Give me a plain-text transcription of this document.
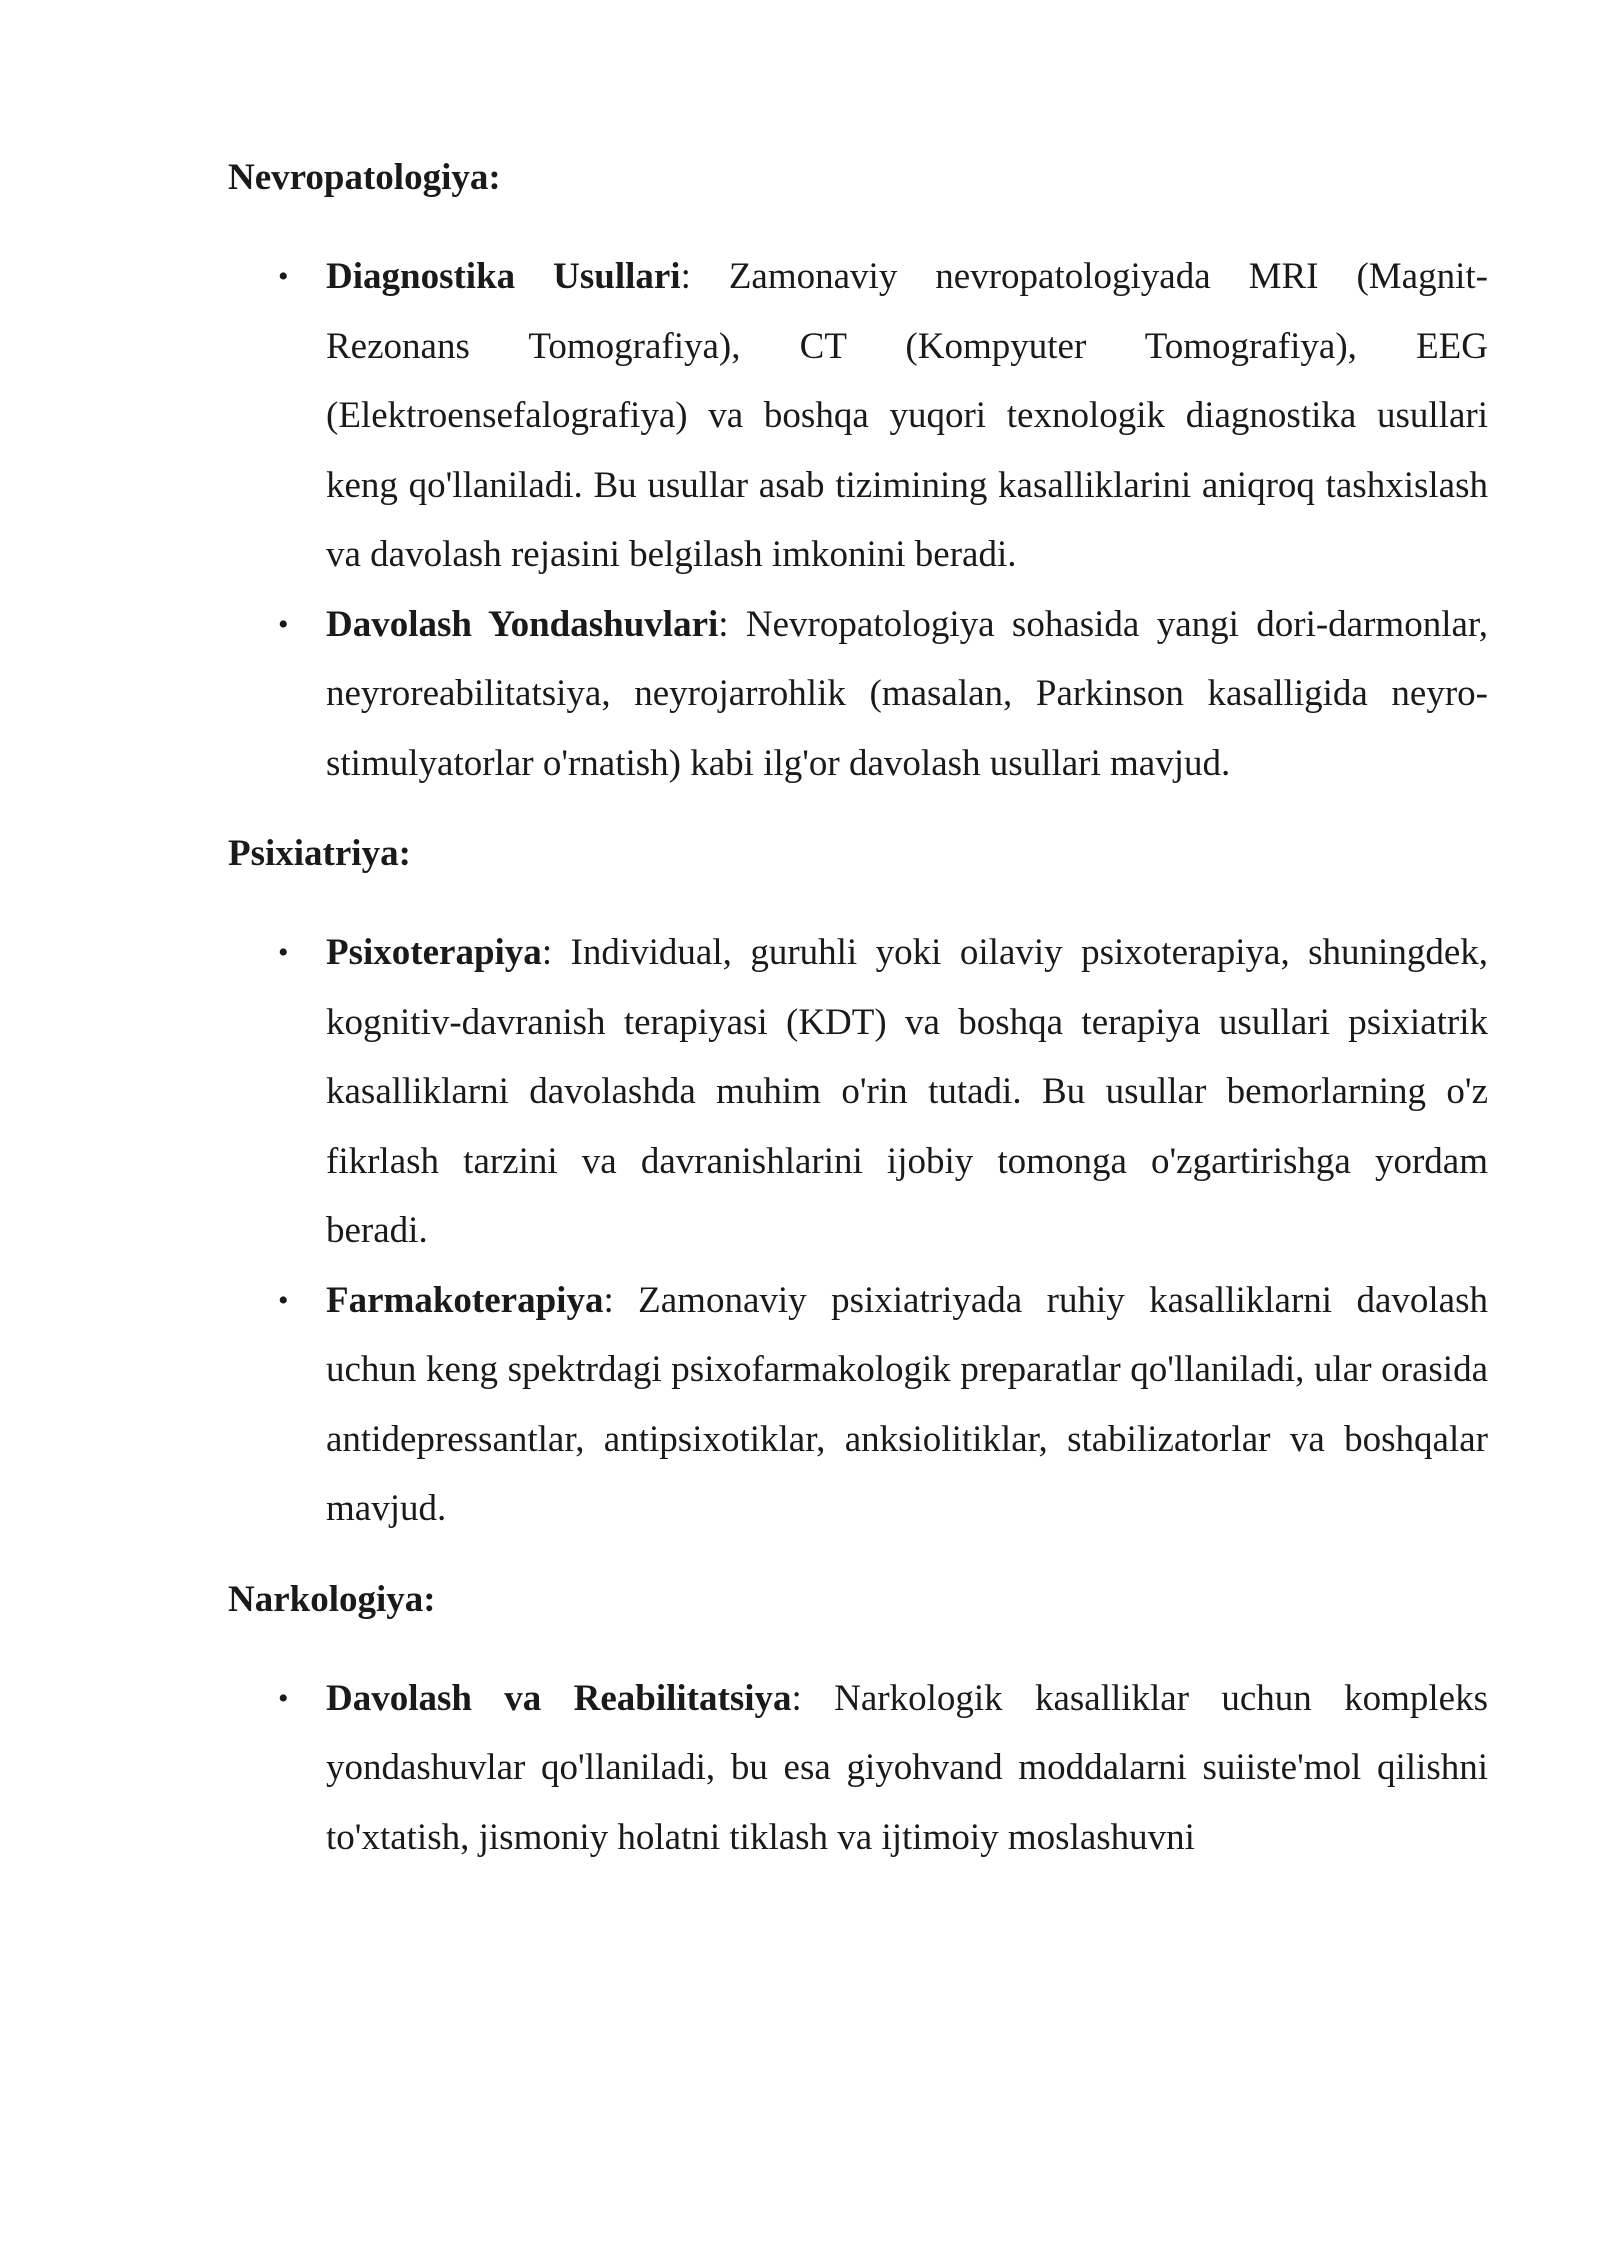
Nevropatologiya:

• Diagnostika Usullari: Zamonaviy nevropatologiyada MRI (Magnit-Rezonans Tomografiya), CT (Kompyuter Tomografiya), EEG (Elektroensefalografiya) va boshqa yuqori texnologik diagnostika usullari keng qo'llaniladi. Bu usullar asab tizimining kasalliklarini aniqroq tashxislash va davolash rejasini belgilash imkonini beradi.
• Davolash Yondashuvlari: Nevropatologiya sohasida yangi dori-darmonlar, neyroreabilitatsiya, neyrojarrohlik (masalan, Parkinson kasalligida neyro-stimulyatorlar o'rnatish) kabi ilg'or davolash usullari mavjud.

Psixiatriya:

• Psixoterapiya: Individual, guruhli yoki oilaviy psixoterapiya, shuningdek, kognitiv-davranish terapiyasi (KDT) va boshqa terapiya usullari psixiatrik kasalliklarni davolashda muhim o'rin tutadi. Bu usullar bemorlarning o'z fikrlash tarzini va davranishlarini ijobiy tomonga o'zgartirishga yordam beradi.
• Farmakoterapiya: Zamonaviy psixiatriyada ruhiy kasalliklarni davolash uchun keng spektrdagi psixofarmakologik preparatlar qo'llaniladi, ular orasida antidepressantlar, antipsixotiklar, anksiolitiklar, stabilizatorlar va boshqalar mavjud.

Narkologiya:

• Davolash va Reabilitatsiya: Narkologik kasalliklar uchun kompleks yondashuvlar qo'llaniladi, bu esa giyohvand moddalarni suiiste'mol qilishni to'xtatish, jismoniy holatni tiklash va ijtimoiy moslashuvni
